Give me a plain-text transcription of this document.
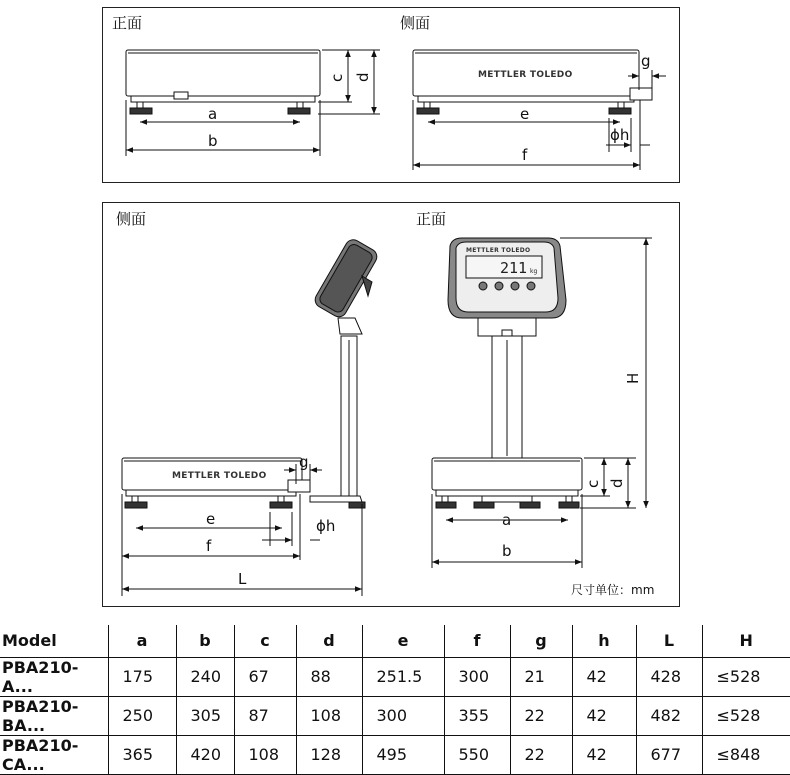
正面	侧面
METTLER TOLEDO
a
b
c d
e
f
g
ϕh
侧面	正面
METTLER TOLEDO
METTLER TOLEDO
211 kg
e
f
L
g
ϕh	a
b
c d
H
尺寸单位：mm
Model	a	b	c	d	e	f	g	h	L	H
PBA210-A...	175	240	67	88	251.5	300	21	42	428	≤528
PBA210-BA...	250	305	87	108	300	355	22	42	482	≤528
PBA210-CA...	365	420	108	128	495	550	22	42	677	≤848
